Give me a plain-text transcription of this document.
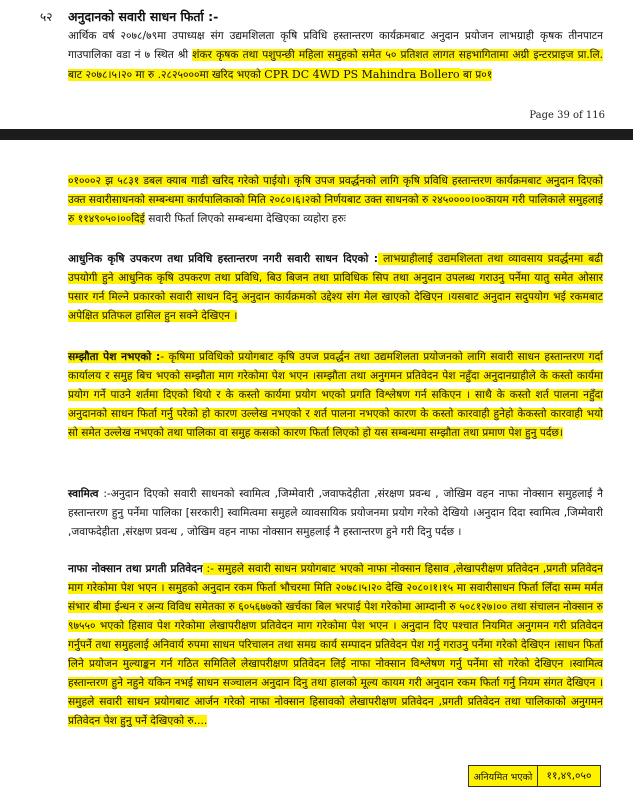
५२ अनुदानको सवारी साधन फिर्ता :-
आर्थिक वर्ष २०७८/७९मा उपाध्यक्ष संग उद्यमशिलता कृषि प्रविधि हस्तान्तरण कार्यक्रमबाट अनुदान प्रयोजन लाभग्राही कृषक तीनपाटन गाउपालिका वडा नं ७ स्थित श्री शंकर कृषक तथा पशुपन्छी महिला समुहको समेत ५० प्रतिशत लागत सहभागितामा अग्री इन्टरप्राइज प्रा.लि. बाट २०७८।५।२० मा रु .२८२५०००मा खरिद भएको CPR DC 4WD PS Mahindra Bollero बा प्र०१
Page 39 of 116
०१०००२ झ ५८३१ डबल क्याब गाडी खरिद गरेको पाईयो। कृषि उपज प्रवर्द्धनको लागि कृषि प्रविधि हस्तान्तरण कार्यक्रमबाट अनुदान दिएको उक्त सवारीसाधनको सम्बन्धमा कार्यपालिकाको मिति २०८०।६।२को निर्णयबाट उक्त साधनको रु २४५००००।००कायम गरी पालिकाले समुहलाई रु ११४९०५०।००दिई सवारी फिर्ता लिएको सम्बन्धमा देखिएका व्यहोरा हरुः
आधुनिक कृषि उपकरण तथा प्रविधि हस्तान्तरण नगरी सवारी साधन दिएको : लाभग्राहीलाई उद्यमशिलता तथा व्यावसाय प्रवर्द्धनमा बढी उपयोगी हुने आधुनिक कृषि उपकरण तथा प्रविधि, बिउ बिजन तथा प्राविधिक सिप तथा अनुदान उपलब्ध गराउनु पर्नेमा यातु समेत ओसार पसार गर्न मिल्ने प्रकारको सवारी साधन दिनु अनुदान कार्यक्रमको उद्देश्य संग मेल खाएको देखिएन ।यसबाट अनुदान सदुपयोग भई रकमबाट अपेक्षित प्रतिफल हासिल हुन सक्ने देखिएन ।
सम्झौता पेश नभएको :- कृषिमा प्रविधिको प्रयोगबाट कृषि उपज प्रवर्द्धन तथा उद्यमशिलता प्रयोजनको लागि सवारी साधन हस्तान्तरण गर्दा कार्यालय र समुह बिच भएको सम्झौता माग गरेकोमा पेश भएन ।सम्झौता तथा अनुगमन प्रतिवेदन पेश नहुँदा अनुदानग्राहीले के कस्तो कार्यमा प्रयोग गर्ने पाउने शर्तमा दिएको थियो र के कस्तो कार्यमा प्रयोग भएको प्रगति विश्लेषण गर्न सकिएन । साथै के कस्तो शर्त पालना नहुँदा अनुदानको साधन फिर्ता गर्नु परेको हो कारण उल्लेख नभएको र शर्त पालना नभएको कारण के कस्तो कारवाही हुनेहो केकस्तो कारवाही भयो सो समेत उल्लेख नभएको तथा पालिका वा समुह कसको कारण फिर्ता लिएको हो यस सम्बन्धमा सम्झौता तथा प्रमाण पेश हुनु पर्दछ।
स्वामित्व :-अनुदान दिएको सवारी साधनको स्वामित्व ,जिम्मेवारी ,जवाफदेहीता ,संरक्षण प्रवन्ध , जोखिम वहन नाफा नोक्सान समुहलाई नै हस्तान्तरण हुनु पर्नेमा पालिका [सरकारी] स्वामित्वमा समुहले व्यावसायिक प्रयोजनमा प्रयोग गरेको देखियो ।अनुदान दिदा स्वामित्व ,जिम्मेवारी ,जवाफदेहीता ,संरक्षण प्रवन्ध , जोखिम वहन नाफा नोक्सान समुहलाई नै हस्तान्तरण हुने गरी दिनु पर्दछ ।
नाफा नोक्सान तथा प्रगती प्रतिवेदन :- समुहले सवारी साधन प्रयोगबाट भएको नाफा नोक्सान हिसाव ,लेखापरीक्षण प्रतिवेदन ,प्रगती प्रतिवेदन माग गरेकोमा पेश भएन । समुहको अनुदान रकम फिर्ता भौचरमा मिति २०७८।५।२० देखि २०८०।१।१५ मा सवारीसाधन फिर्ता लिँदा सम्म मर्मत संभार बीमा ईन्धन र अन्य विविध समेतका रु ६०५६७७को खर्चका बिल भरपाई पेश गरेकोमा आम्दानी रु ५०८१२७।०० तथा संचालन नोक्सान रु ९७५५० भएको हिसाव पेश गरेकोमा लेखापरीक्षण प्रतिवेदन माग गरेकोमा पेश भएन । अनुदान दिए पश्चात नियमित अनुगमन गरी प्रतिवेदन गर्नुपर्ने तथा समुहलाई अनिवार्य रुपमा साधन परिचालन तथा समग्र कार्य सम्पादन प्रतिवेदन पेश गर्नु गराउनु पर्नेमा गरेको देखिएन ।साधन फिर्ता लिने प्रयोजन मुल्याङ्कन गर्न गठित समितिले लेखापरीक्षण प्रतिवेदन लिई नाफा नोक्सान विश्लेषण गर्नु पर्नेमा सो गरेको देखिएन ।स्वामित्व हस्तान्तरण हुने नहुने यकिन नभई साधन सञ्चालन अनुदान दिनु तथा हालको मूल्य कायम गरी अनुदान रकम फिर्ता गर्नु नियम संगत देखिएन । समुहले सवारी साधन प्रयोगबाट आर्जन गरेको नाफा नोक्सान हिसावको लेखापरीक्षण प्रतिवेदन ,प्रगती प्रतिवेदन तथा पालिकाको अनुगमन प्रतिवेदन पेश हुनु पर्ने देखिएको रु....
अनियमित भएको	११,४९,०५०
